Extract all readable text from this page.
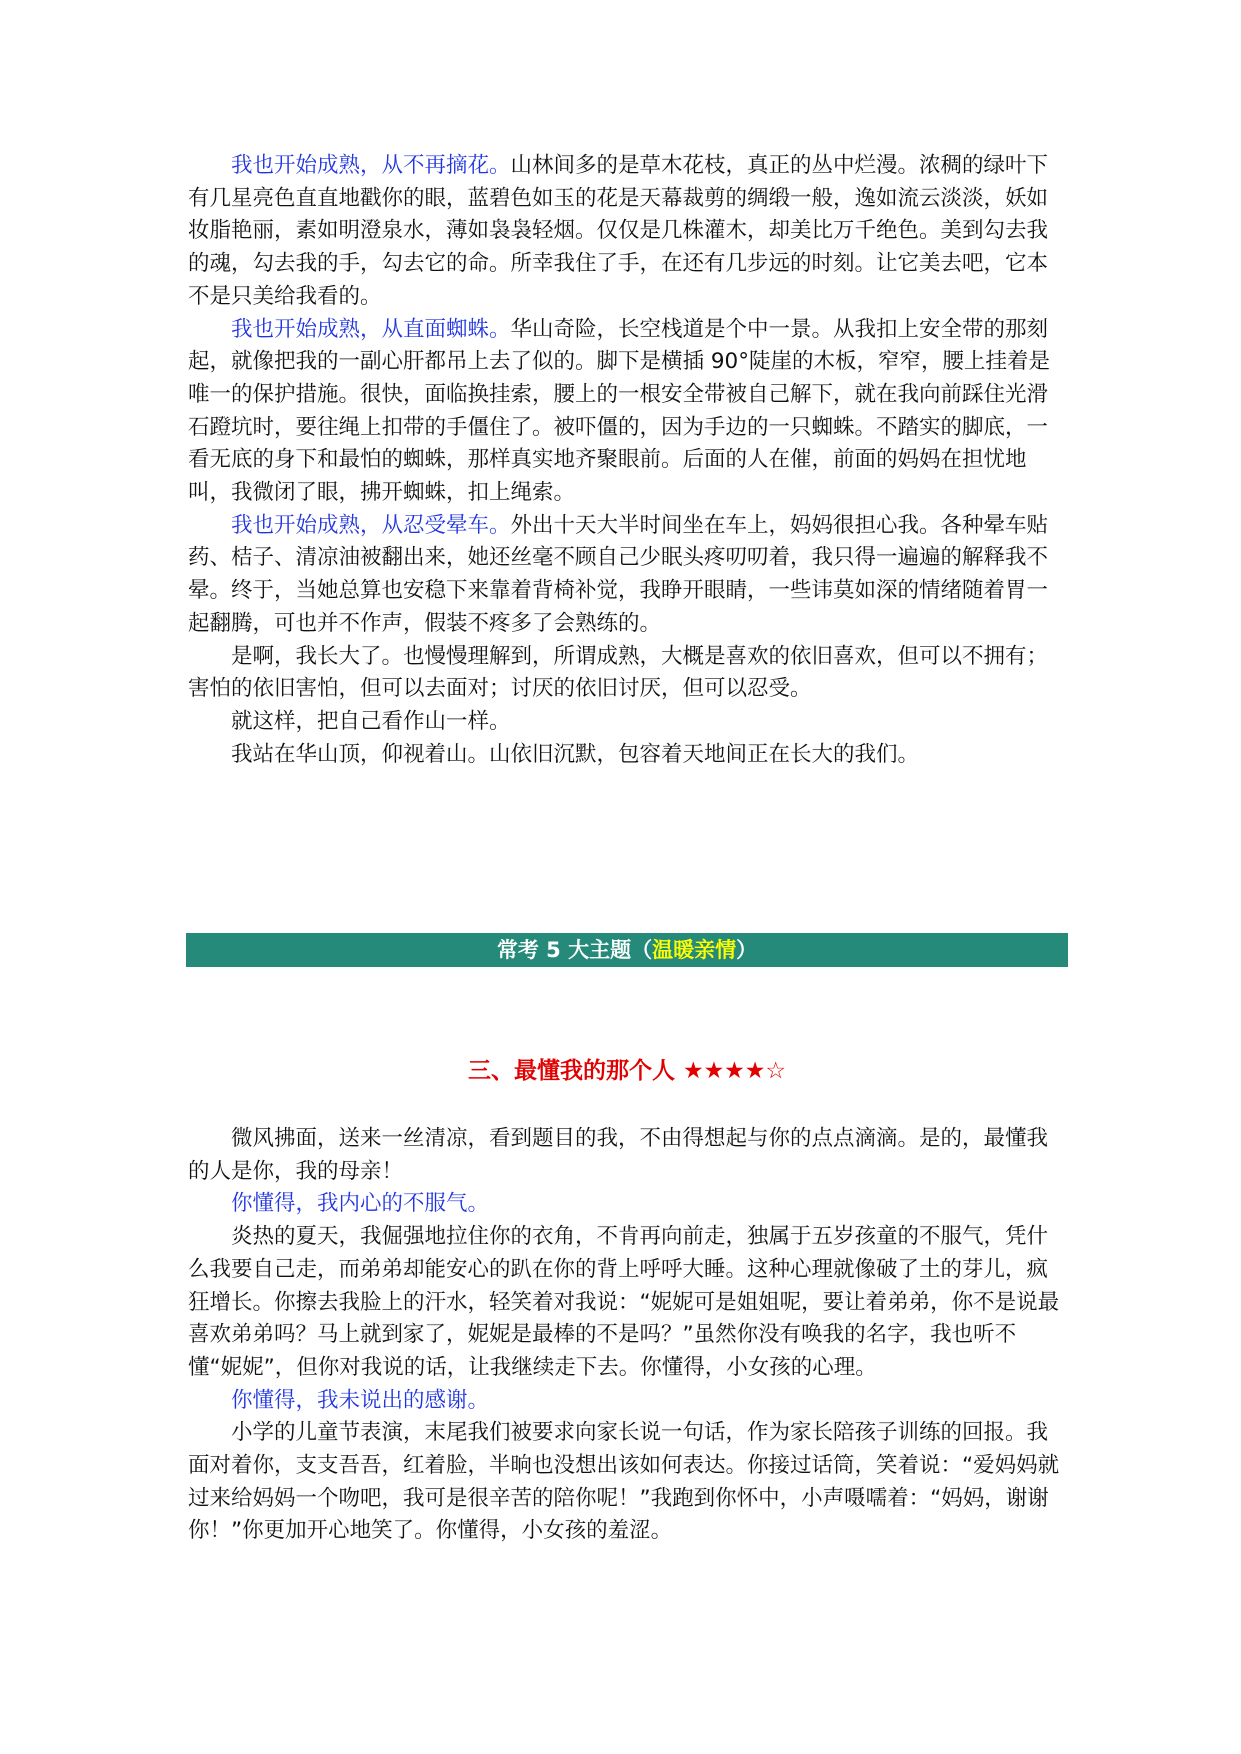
我也开始成熟，从不再摘花。山林间多的是草木花枝，真正的丛中烂漫。浓稠的绿叶下有几星亮色直直地戳你的眼，蓝碧色如玉的花是天幕裁剪的绸缎一般，逸如流云淡淡，妖如妆脂艳丽，素如明澄泉水，薄如袅袅轻烟。仅仅是几株灌木，却美比万千绝色。美到勾去我的魂，勾去我的手，勾去它的命。所幸我住了手，在还有几步远的时刻。让它美去吧，它本不是只美给我看的。

我也开始成熟，从直面蜘蛛。华山奇险，长空栈道是个中一景。从我扣上安全带的那刻起，就像把我的一副心肝都吊上去了似的。脚下是横插 90°陡崖的木板，窄窄，腰上挂着是唯一的保护措施。很快，面临换挂索，腰上的一根安全带被自己解下，就在我向前踩住光滑石蹬坑时，要往绳上扣带的手僵住了。被吓僵的，因为手边的一只蜘蛛。不踏实的脚底，一看无底的身下和最怕的蜘蛛，那样真实地齐聚眼前。后面的人在催，前面的妈妈在担忧地叫，我微闭了眼，拂开蜘蛛，扣上绳索。

我也开始成熟，从忍受晕车。外出十天大半时间坐在车上，妈妈很担心我。各种晕车贴药、桔子、清凉油被翻出来，她还丝毫不顾自己少眠头疼叨叨着，我只得一遍遍的解释我不晕。终于，当她总算也安稳下来靠着背椅补觉，我睁开眼睛，一些讳莫如深的情绪随着胃一起翻腾，可也并不作声，假装不疼多了会熟练的。

是啊，我长大了。也慢慢理解到，所谓成熟，大概是喜欢的依旧喜欢，但可以不拥有；害怕的依旧害怕，但可以去面对；讨厌的依旧讨厌，但可以忍受。

就这样，把自己看作山一样。

我站在华山顶，仰视着山。山依旧沉默，包容着天地间正在长大的我们。

常考 5 大主题（温暖亲情）
三、最懂我的那个人 ★★★★☆

微风拂面，送来一丝清凉，看到题目的我，不由得想起与你的点点滴滴。是的，最懂我的人是你，我的母亲！

你懂得，我内心的不服气。

炎热的夏天，我倔强地拉住你的衣角，不肯再向前走，独属于五岁孩童的不服气，凭什么我要自己走，而弟弟却能安心的趴在你的背上呼呼大睡。这种心理就像破了土的芽儿，疯狂增长。你擦去我脸上的汗水，轻笑着对我说：“妮妮可是姐姐呢，要让着弟弟，你不是说最喜欢弟弟吗？马上就到家了，妮妮是最棒的不是吗？”虽然你没有唤我的名字，我也听不懂“妮妮”，但你对我说的话，让我继续走下去。你懂得，小女孩的心理。

你懂得，我未说出的感谢。

小学的儿童节表演，末尾我们被要求向家长说一句话，作为家长陪孩子训练的回报。我面对着你，支支吾吾，红着脸，半晌也没想出该如何表达。你接过话筒，笑着说：“爱妈妈就过来给妈妈一个吻吧，我可是很辛苦的陪你呢！”我跑到你怀中，小声嗫嚅着：“妈妈，谢谢你！”你更加开心地笑了。你懂得，小女孩的羞涩。
